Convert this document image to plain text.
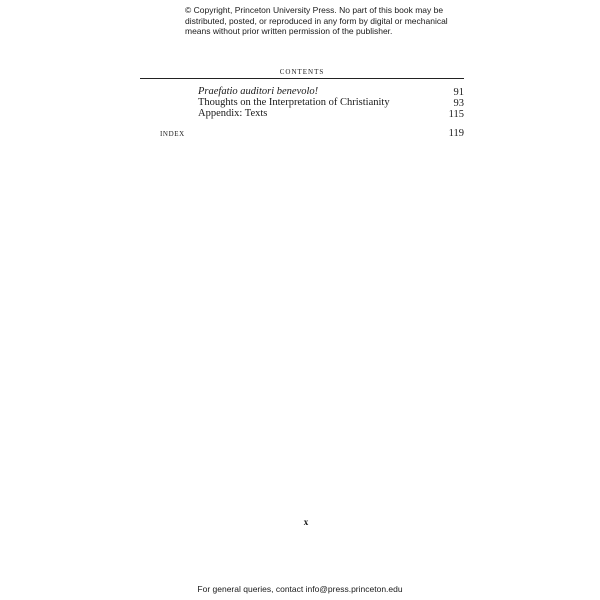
© Copyright, Princeton University Press. No part of this book may be
distributed, posted, or reproduced in any form by digital or mechanical
means without prior written permission of the publisher.
CONTENTS
Praefatio auditori benevolo!	91
Thoughts on the Interpretation of Christianity	93
Appendix: Texts	115
INDEX	119
x
For general queries, contact info@press.princeton.edu
